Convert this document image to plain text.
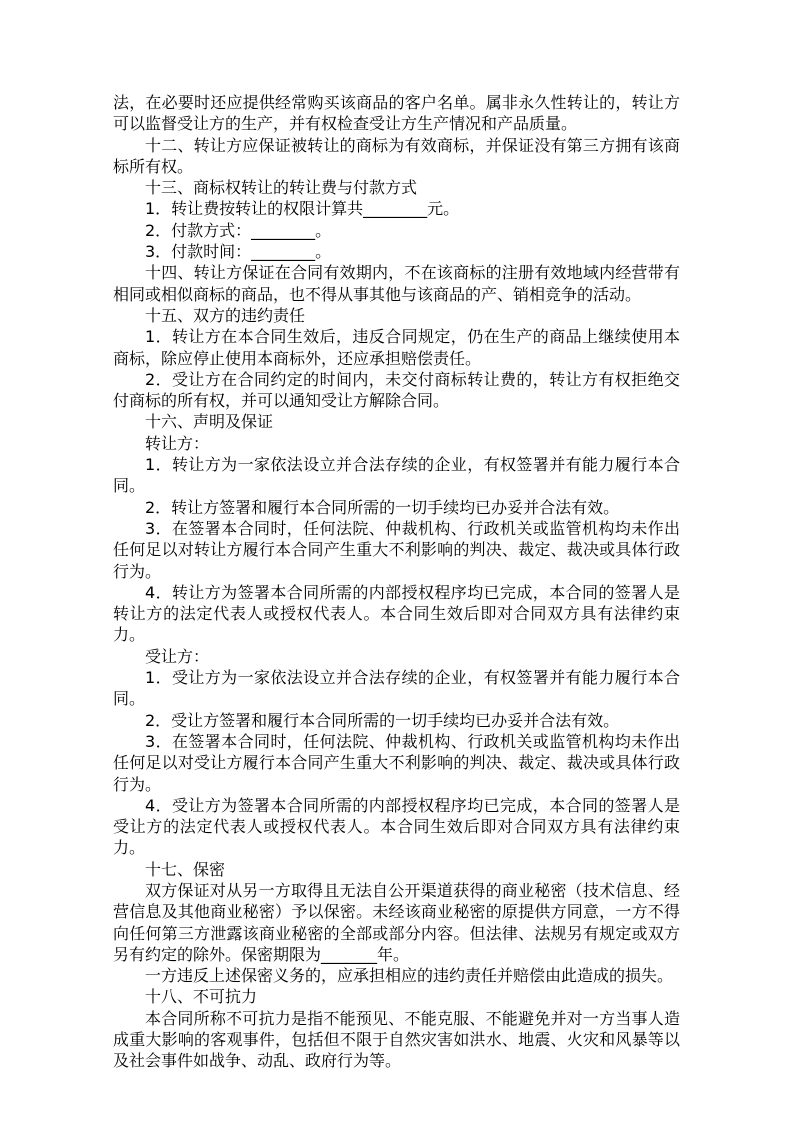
法，在必要时还应提供经常购买该商品的客户名单。属非永久性转让的，转让方可以监督受让方的生产，并有权检查受让方生产情况和产品质量。

十二、转让方应保证被转让的商标为有效商标，并保证没有第三方拥有该商标所有权。

十三、商标权转让的转让费与付款方式

1．转让费按转让的权限计算共________元。

2．付款方式：________。

3．付款时间：________。

十四、转让方保证在合同有效期内，不在该商标的注册有效地域内经营带有相同或相似商标的商品，也不得从事其他与该商品的产、销相竞争的活动。

十五、双方的违约责任

1．转让方在本合同生效后，违反合同规定，仍在生产的商品上继续使用本商标，除应停止使用本商标外，还应承担赔偿责任。

2．受让方在合同约定的时间内，未交付商标转让费的，转让方有权拒绝交付商标的所有权，并可以通知受让方解除合同。

十六、声明及保证

转让方：

1．转让方为一家依法设立并合法存续的企业，有权签署并有能力履行本合同。

2．转让方签署和履行本合同所需的一切手续均已办妥并合法有效。

3．在签署本合同时，任何法院、仲裁机构、行政机关或监管机构均未作出任何足以对转让方履行本合同产生重大不利影响的判决、裁定、裁决或具体行政行为。

4．转让方为签署本合同所需的内部授权程序均已完成，本合同的签署人是转让方的法定代表人或授权代表人。本合同生效后即对合同双方具有法律约束力。

受让方：

1．受让方为一家依法设立并合法存续的企业，有权签署并有能力履行本合同。

2．受让方签署和履行本合同所需的一切手续均已办妥并合法有效。

3．在签署本合同时，任何法院、仲裁机构、行政机关或监管机构均未作出任何足以对受让方履行本合同产生重大不利影响的判决、裁定、裁决或具体行政行为。

4．受让方为签署本合同所需的内部授权程序均已完成，本合同的签署人是受让方的法定代表人或授权代表人。本合同生效后即对合同双方具有法律约束力。

十七、保密

双方保证对从另一方取得且无法自公开渠道获得的商业秘密（技术信息、经营信息及其他商业秘密）予以保密。未经该商业秘密的原提供方同意，一方不得向任何第三方泄露该商业秘密的全部或部分内容。但法律、法规另有规定或双方另有约定的除外。保密期限为_______年。

一方违反上述保密义务的，应承担相应的违约责任并赔偿由此造成的损失。

十八、不可抗力

本合同所称不可抗力是指不能预见、不能克服、不能避免并对一方当事人造成重大影响的客观事件，包括但不限于自然灾害如洪水、地震、火灾和风暴等以及社会事件如战争、动乱、政府行为等。
